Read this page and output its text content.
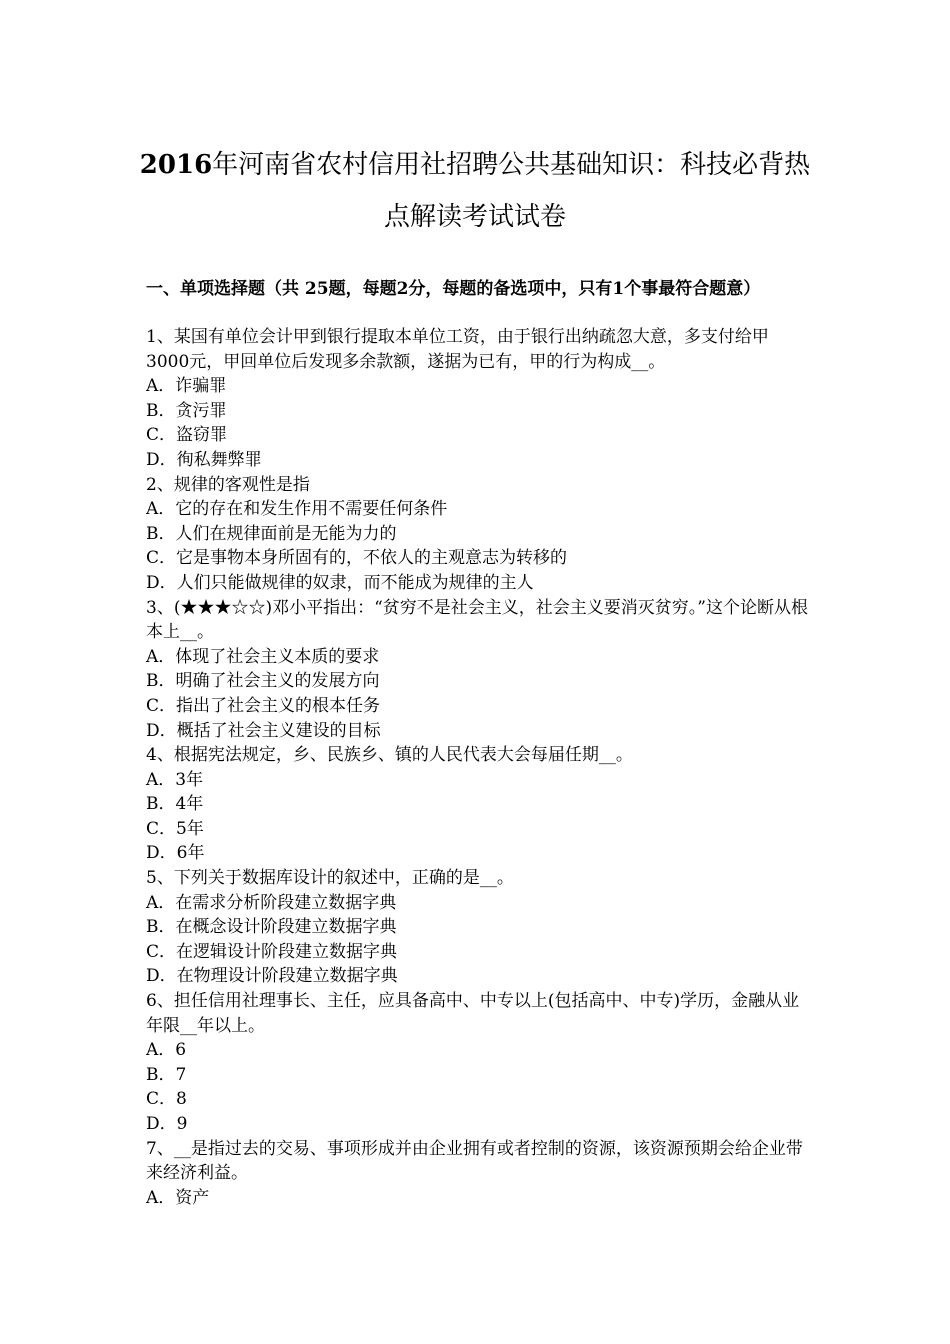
2016年河南省农村信用社招聘公共基础知识：科技必背热
点解读考试试卷
一、单项选择题（共 25题，每题2分，每题的备选项中，只有1个事最符合题意）

1、某国有单位会计甲到银行提取本单位工资，由于银行出纳疏忽大意，多支付给甲3000元，甲回单位后发现多余款额，遂据为已有，甲的行为构成__。

A．诈骗罪

B．贪污罪

C．盗窃罪

D．徇私舞弊罪

2、规律的客观性是指

A．它的存在和发生作用不需要任何条件

B．人们在规律面前是无能为力的

C．它是事物本身所固有的，不依人的主观意志为转移的

D．人们只能做规律的奴隶，而不能成为规律的主人

3、(★★★☆☆)邓小平指出：“贫穷不是社会主义，社会主义要消灭贫穷。”这个论断从根本上__。

A．体现了社会主义本质的要求

B．明确了社会主义的发展方向

C．指出了社会主义的根本任务

D．概括了社会主义建设的目标

4、根据宪法规定，乡、民族乡、镇的人民代表大会每届任期__。

A．3年

B．4年

C．5年

D．6年

5、下列关于数据库设计的叙述中，正确的是__。

A．在需求分析阶段建立数据字典

B．在概念设计阶段建立数据字典

C．在逻辑设计阶段建立数据字典

D．在物理设计阶段建立数据字典

6、担任信用社理事长、主任，应具备高中、中专以上(包括高中、中专)学历，金融从业年限__年以上。

A．6

B．7

C．8

D．9

7、__是指过去的交易、事项形成并由企业拥有或者控制的资源，该资源预期会给企业带来经济利益。

A．资产
